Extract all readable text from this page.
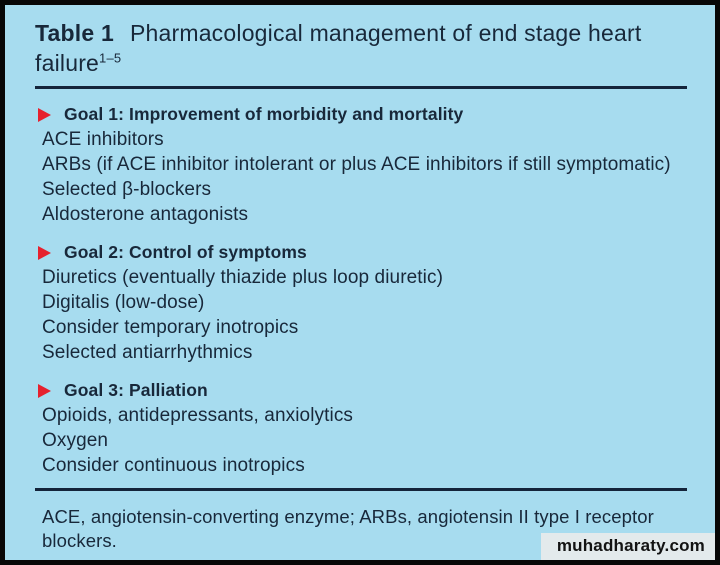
Table 1 Pharmacological management of end stage heart failure$^{1-5}$
Goal 1: Improvement of morbidity and mortality
ACE inhibitors
ARBs (if ACE inhibitor intolerant or plus ACE inhibitors if still symptomatic)
Selected β-blockers
Aldosterone antagonists
Goal 2: Control of symptoms
Diuretics (eventually thiazide plus loop diuretic)
Digitalis (low-dose)
Consider temporary inotropics
Selected antiarrhythmics
Goal 3: Palliation
Opioids, antidepressants, anxiolytics
Oxygen
Consider continuous inotropics
ACE, angiotensin-converting enzyme; ARBs, angiotensin II type I receptor blockers.	muhadharaty.com
